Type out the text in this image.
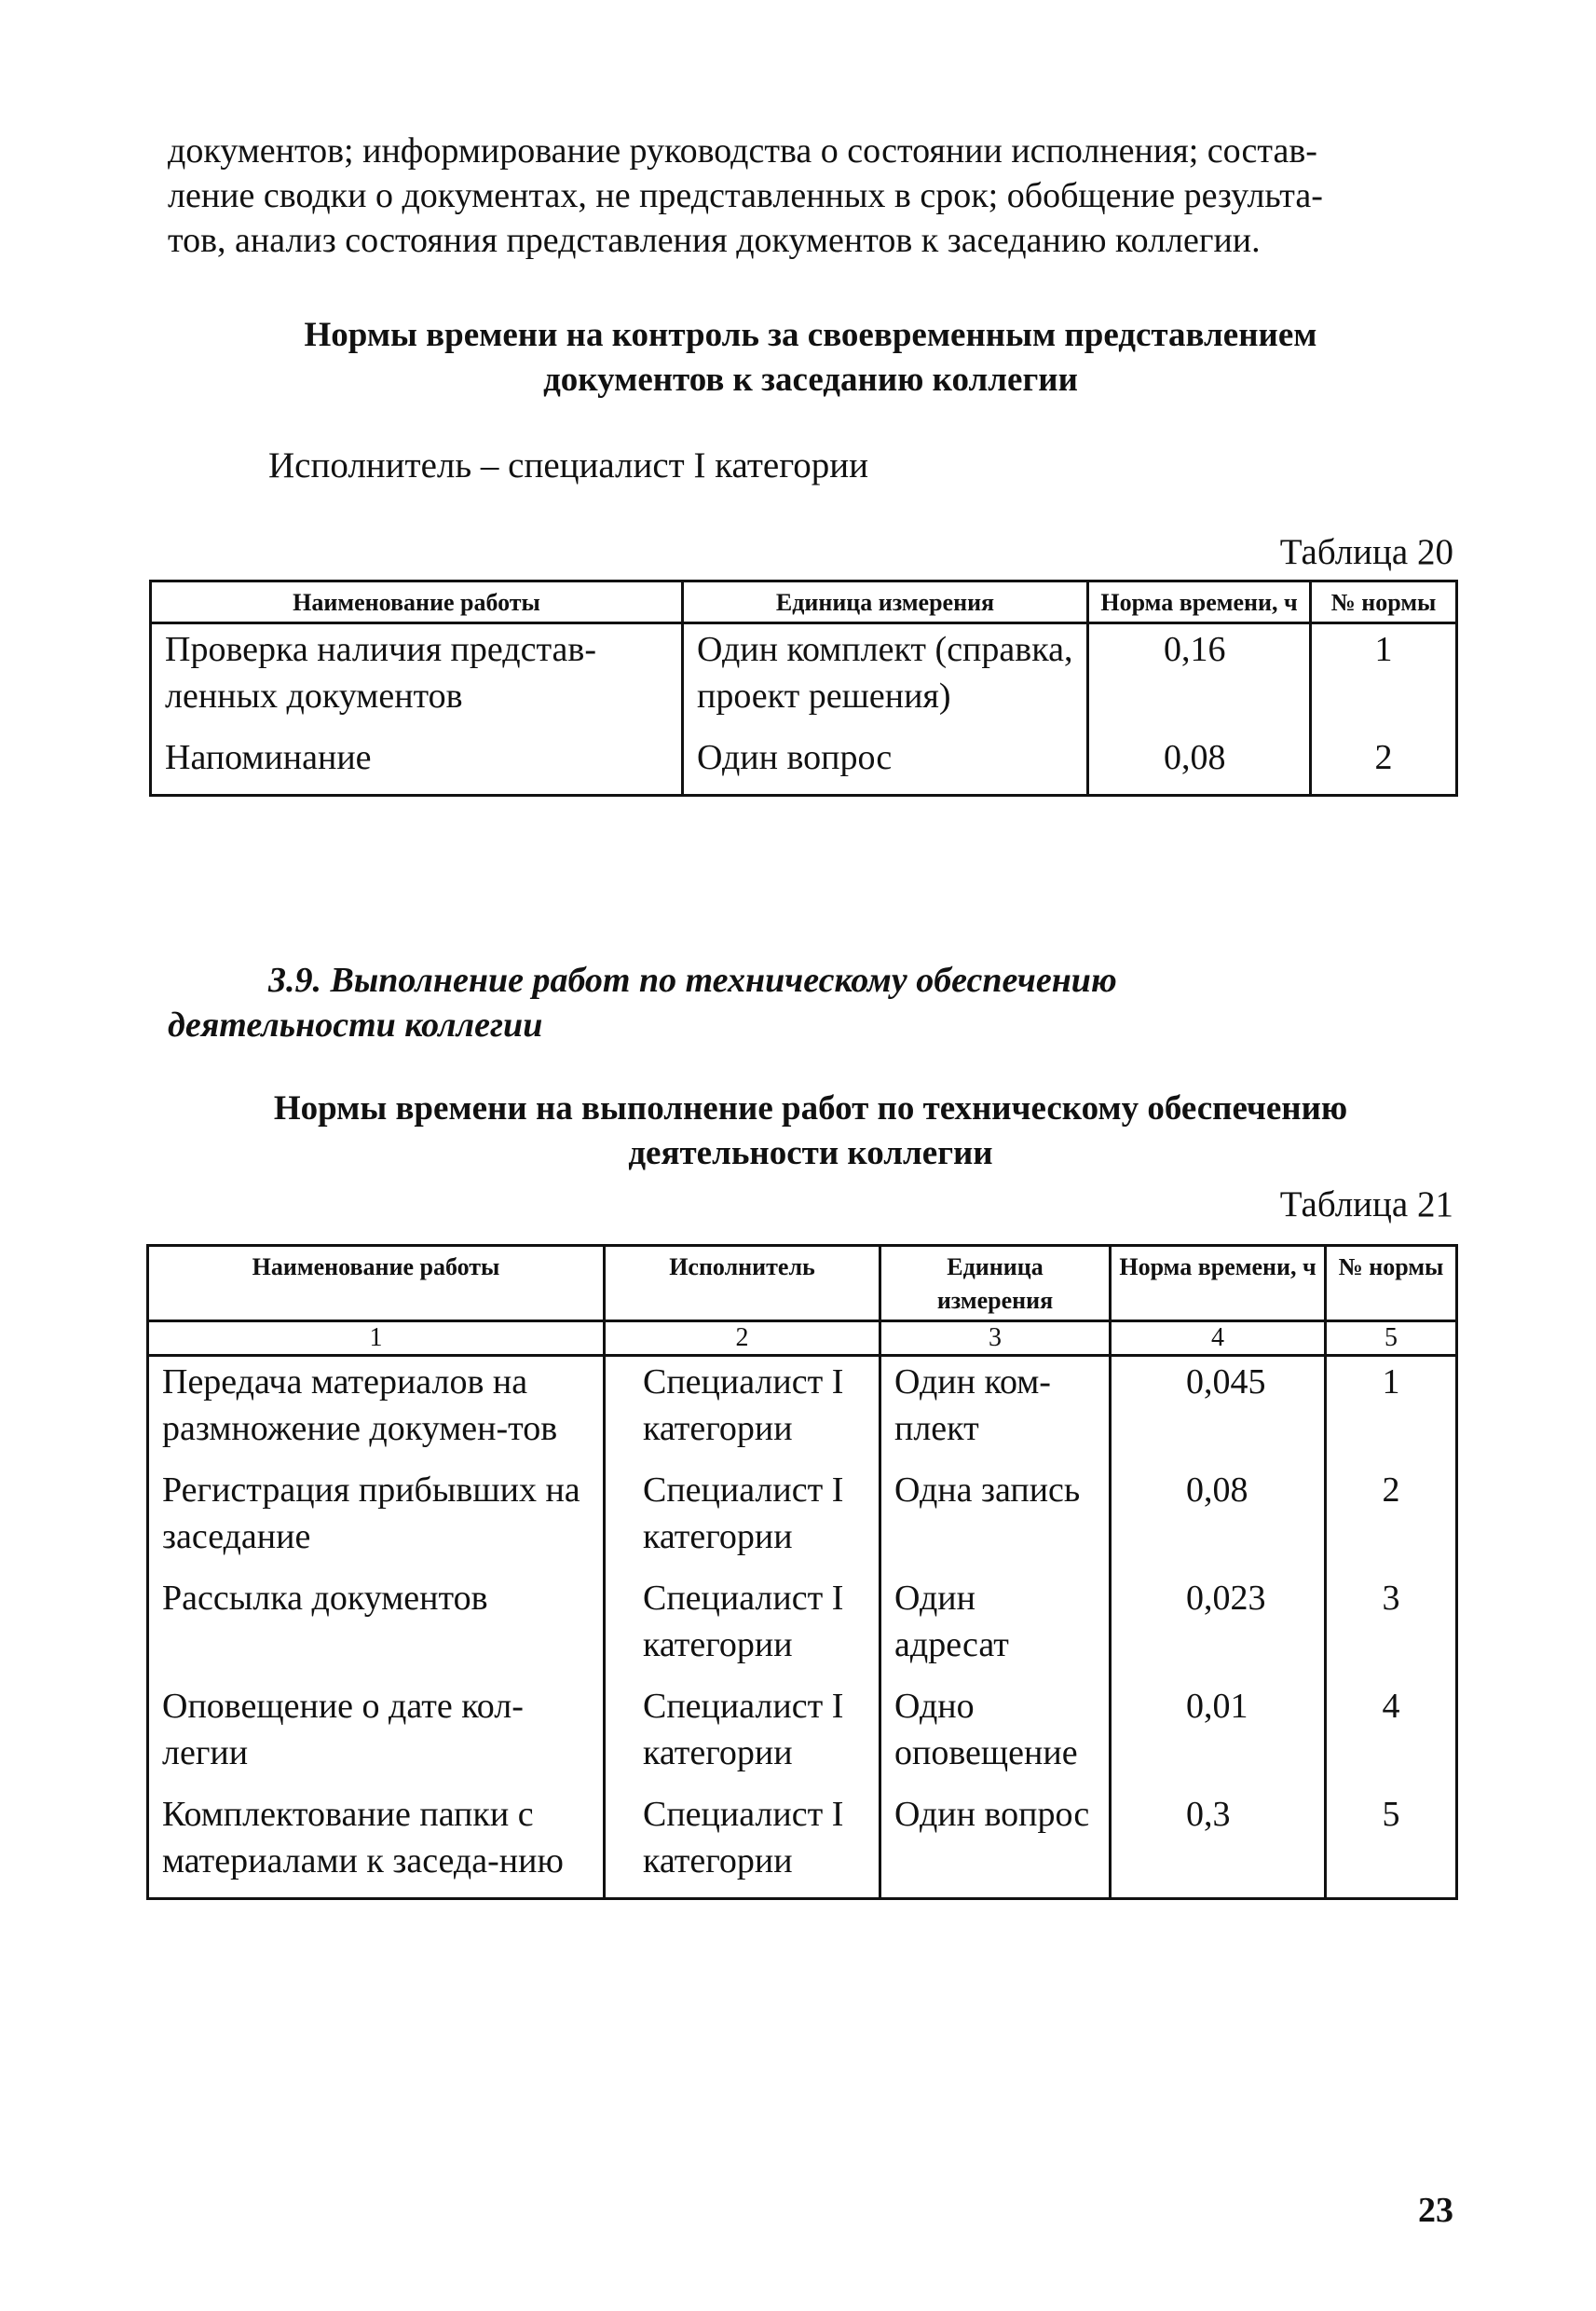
документов; информирование руководства о состоянии исполнения; состав-

ление сводки о документах, не представленных в срок; обобщение результа-

тов, анализ состояния представления документов к заседанию коллегии.

Нормы времени на контроль за своевременным представлением
документов к заседанию коллегии
Исполнитель – специалист I категории
Таблица 20
Наименование работы	Единица измерения	Норма времени, ч	№ нормы
Проверка наличия представ-ленных документов	Один комплект (справка, проект решения)	0,16	1
Напоминание	Один вопрос	0,08	2
3.9. Выполнение работ по техническому обеспечению
деятельности коллегии
Нормы времени на выполнение работ по техническому обеспечению
деятельности коллегии
Таблица 21
Наименование работы	Исполнитель	Единица измерения	Норма времени, ч	№ нормы
1	2	3	4	5
Передача материалов на размножение докумен-тов	Специалист I категории	Один ком-плект	0,045	1
Регистрация прибывших на заседание	Специалист I категории	Одна запись	0,08	2
Рассылка документов	Специалист I категории	Один адресат	0,023	3
Оповещение о дате кол-легии	Специалист I категории	Одно оповещение	0,01	4
Комплектование папки с материалами к заседа-нию	Специалист I категории	Один вопрос	0,3	5
23
